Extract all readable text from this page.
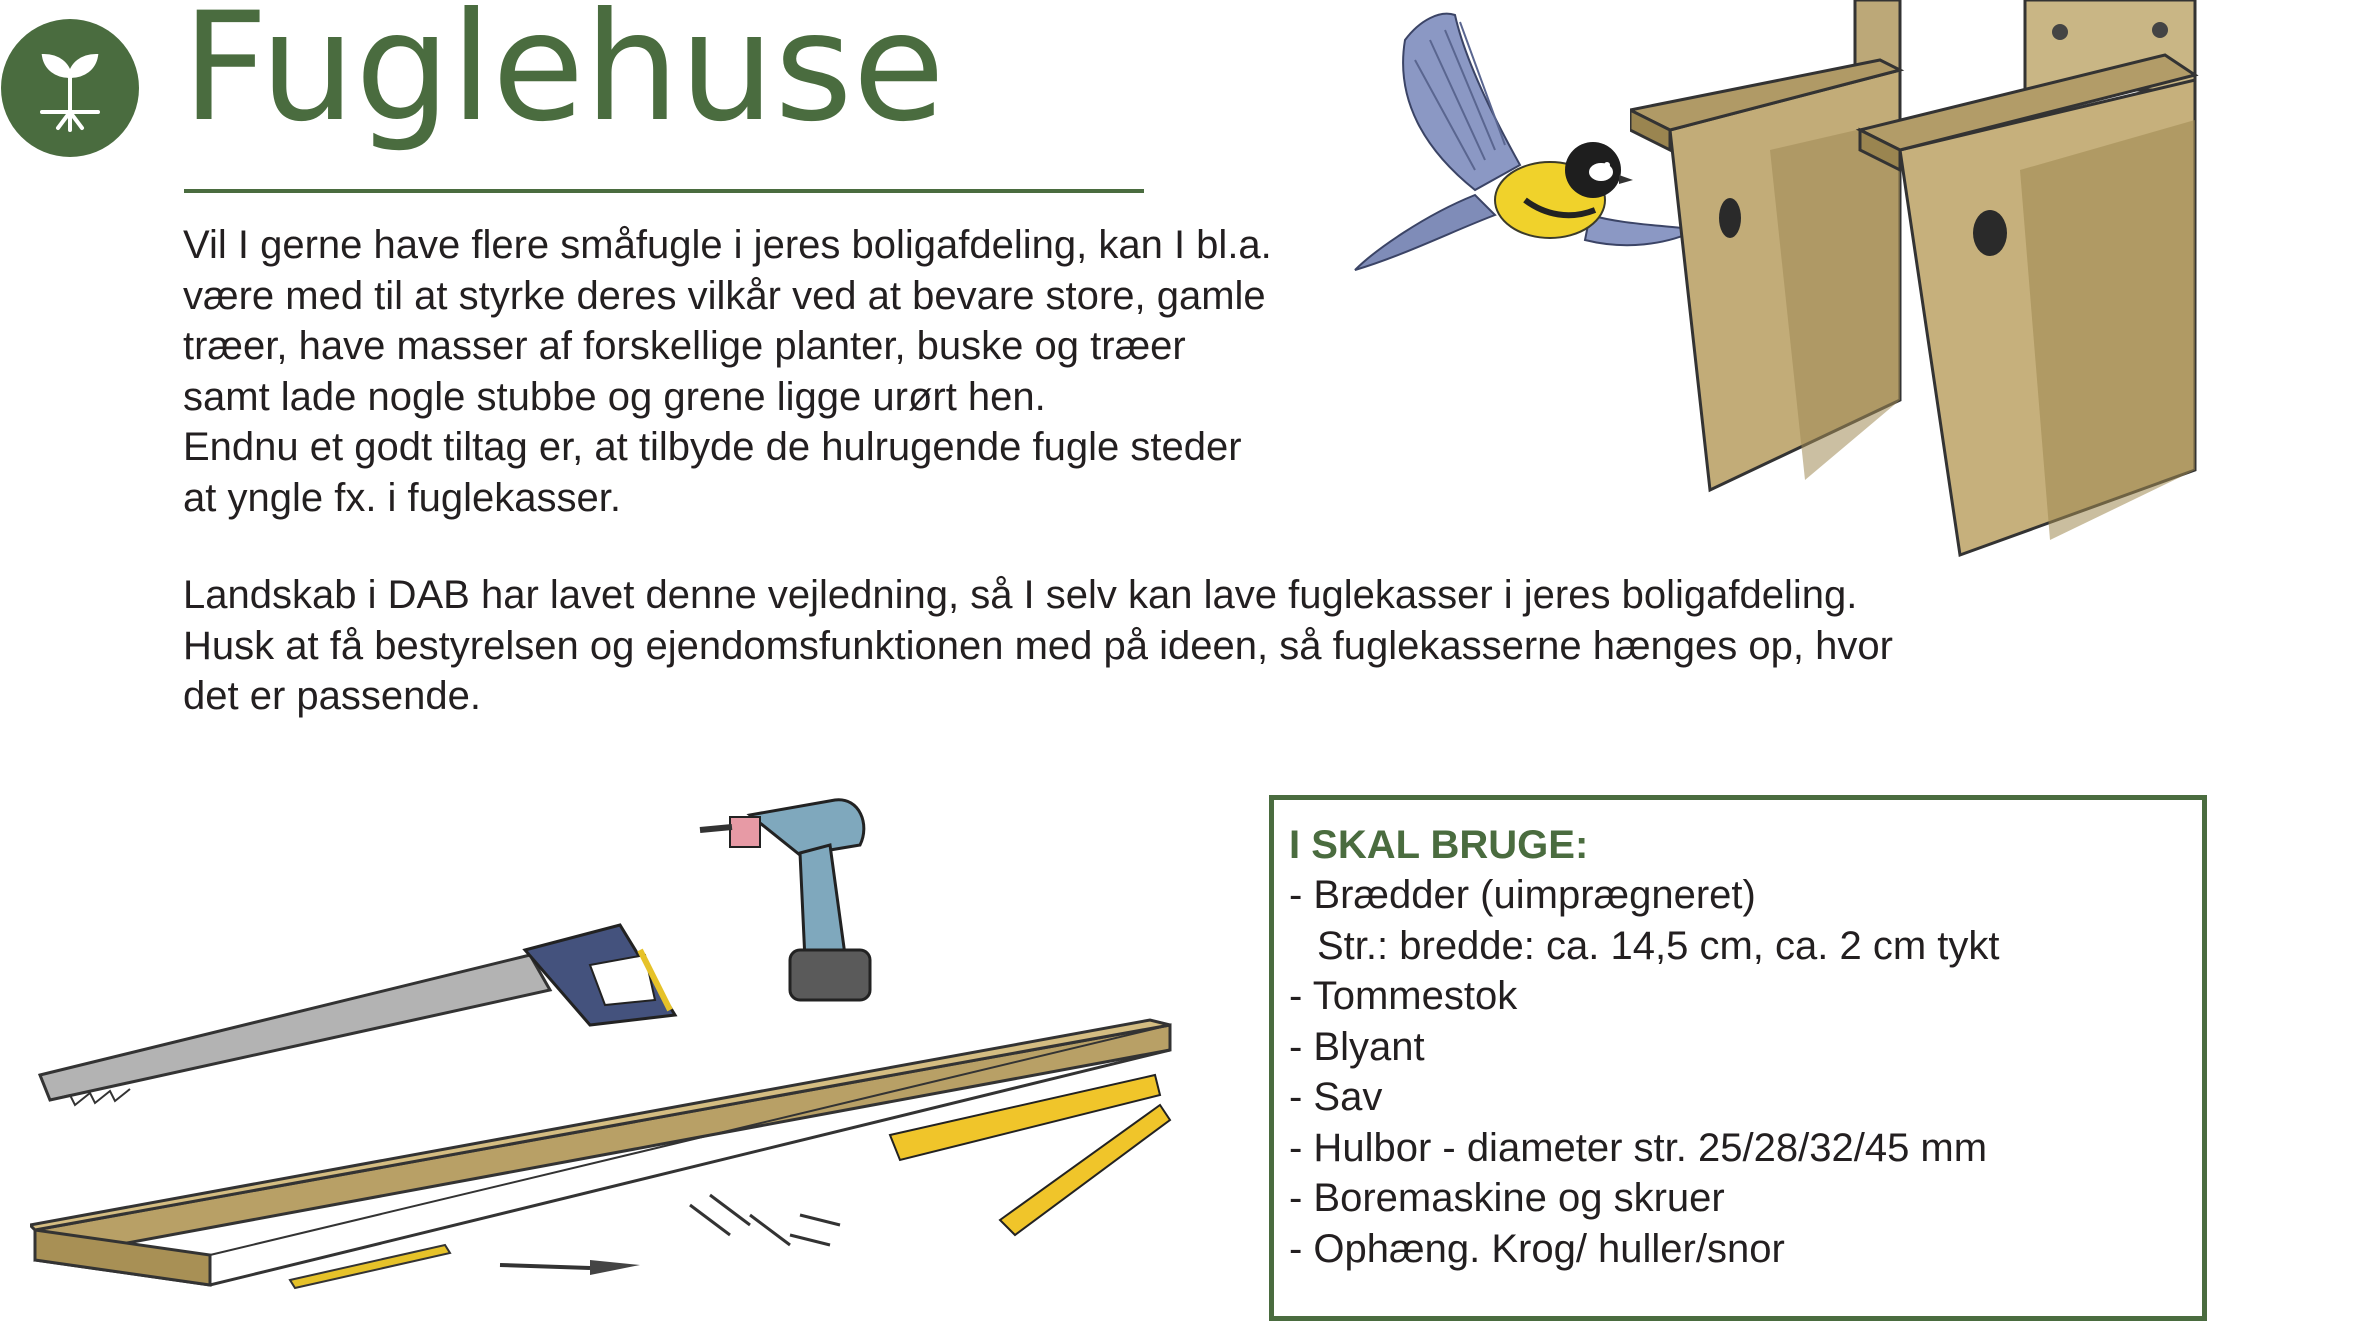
Fuglehuse

Vil I gerne have flere småfugle i jeres boligafdeling, kan I bl.a.

være med til at styrke deres vilkår ved at bevare store, gamle

træer, have masser af forskellige planter, buske og træer

samt lade nogle stubbe og grene ligge urørt hen.

Endnu et godt tiltag er, at tilbyde de hulrugende fugle steder

at yngle fx. i fuglekasser.

Landskab i DAB har lavet denne vejledning, så I selv kan lave fuglekasser i jeres boligafdeling.

Husk at få bestyrelsen og ejendomsfunktionen med på ideen, så fuglekasserne hænges op, hvor

det er passende.

I SKAL BRUGE:
- Brædder (uimprægneret)
Str.: bredde: ca. 14,5 cm, ca. 2 cm tykt
- Tommestok
- Blyant
- Sav
- Hulbor - diameter str. 25/28/32/45 mm
- Boremaskine og skruer
- Ophæng. Krog/ huller/snor
